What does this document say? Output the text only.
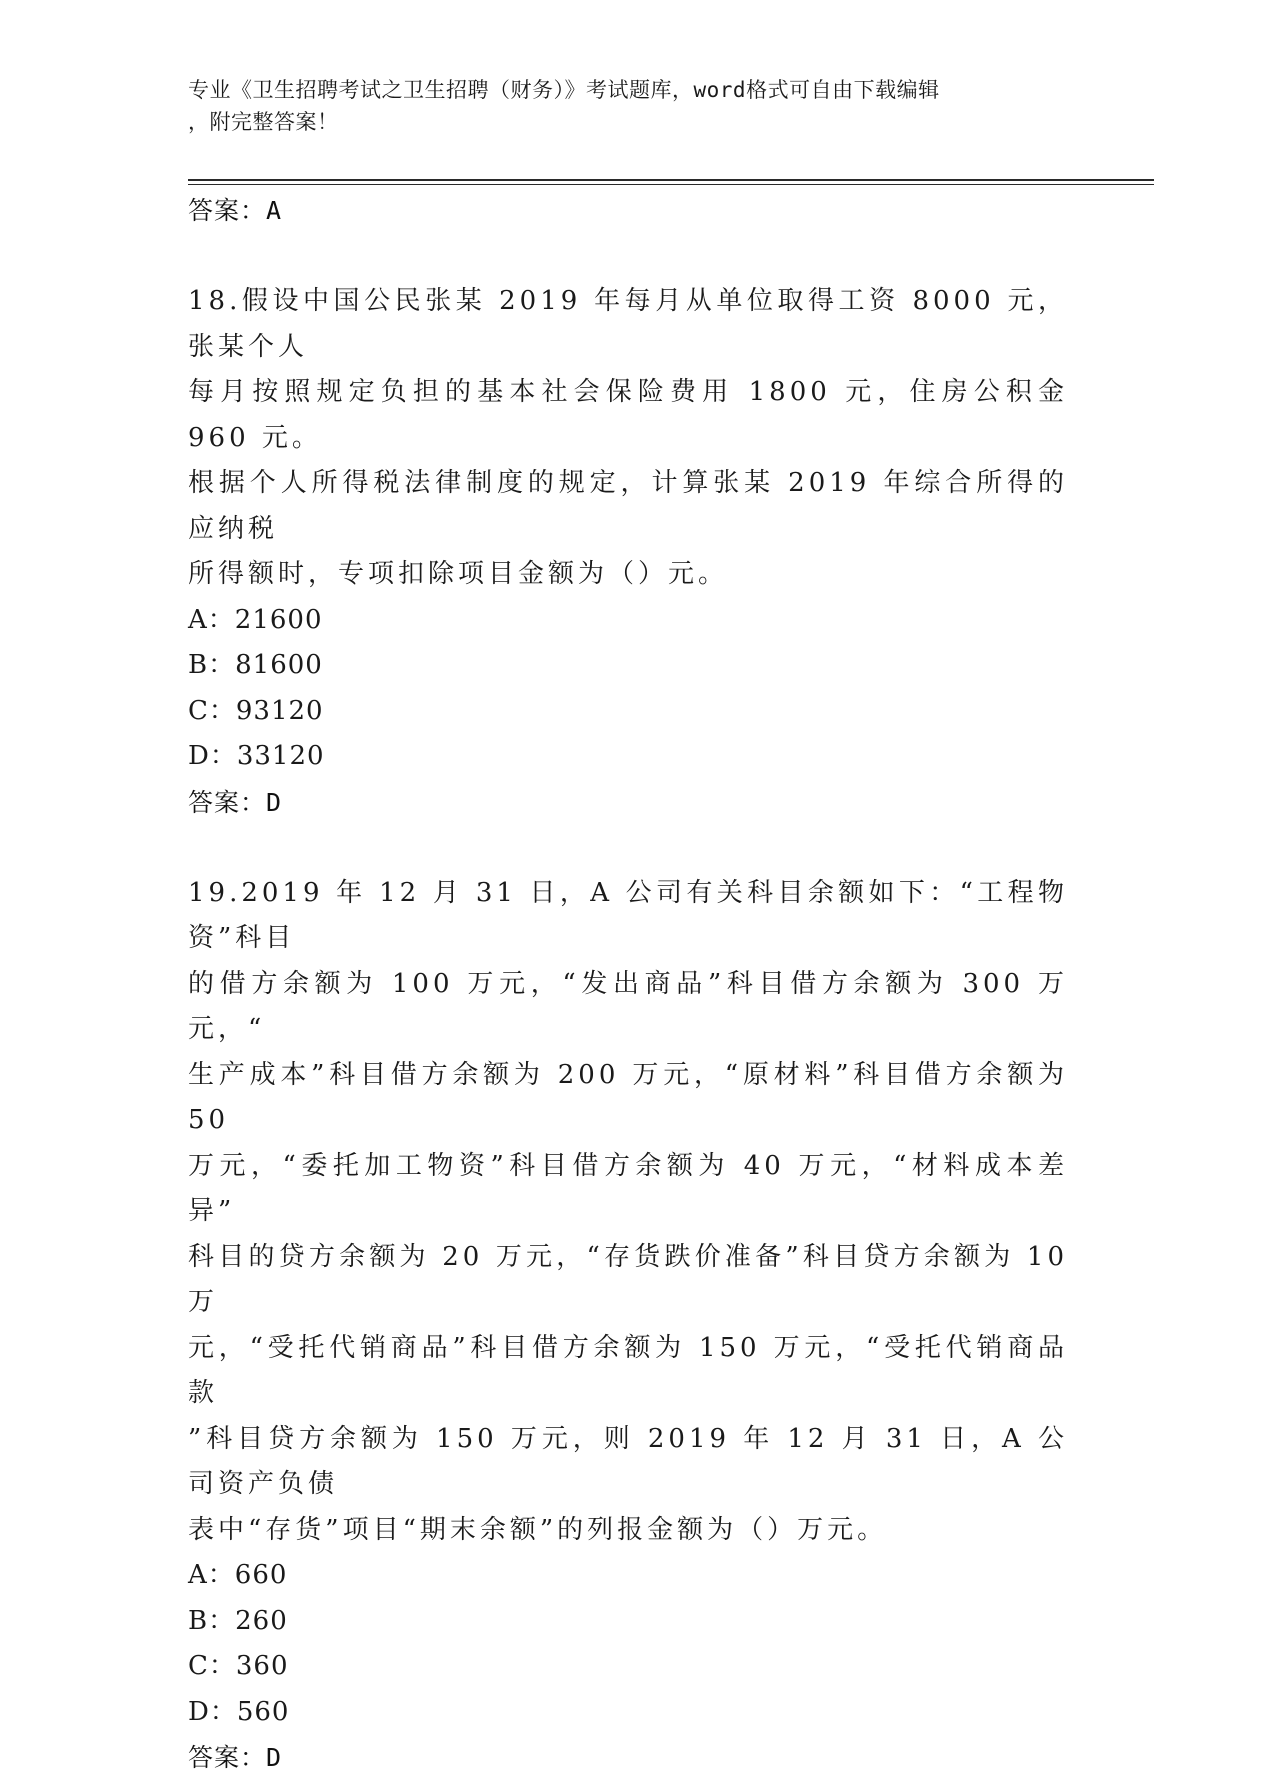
专业《卫生招聘考试之卫生招聘（财务）》考试题库，word格式可自由下载编辑
，附完整答案！
答案：A
18.假设中国公民张某 2019 年每月从单位取得工资 8000 元，张某个人
每月按照规定负担的基本社会保险费用 1800 元，住房公积金 960 元。
根据个人所得税法律制度的规定，计算张某 2019 年综合所得的应纳税
所得额时，专项扣除项目金额为（）元。
A：21600
B：81600
C：93120
D：33120
答案：D
19.2019 年 12 月 31 日，A 公司有关科目余额如下：“工程物资”科目
的借方余额为 100 万元，“发出商品”科目借方余额为 300 万元，“
生产成本”科目借方余额为 200 万元，“原材料”科目借方余额为 50
万元，“委托加工物资”科目借方余额为 40 万元，“材料成本差异”
科目的贷方余额为 20 万元，“存货跌价准备”科目贷方余额为 10 万
元，“受托代销商品”科目借方余额为 150 万元，“受托代销商品款
”科目贷方余额为 150 万元，则 2019 年 12 月 31 日，A 公司资产负债
表中“存货”项目“期末余额”的列报金额为（）万元。
A：660
B：260
C：360
D：560
答案：D
